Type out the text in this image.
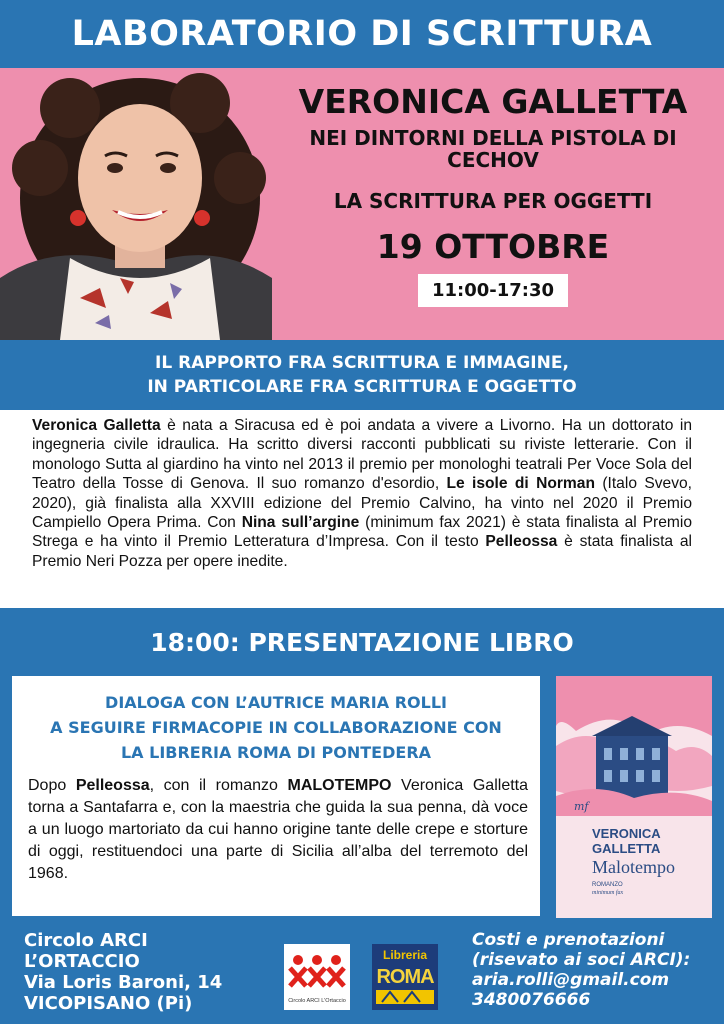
LABORATORIO DI SCRITTURA
VERONICA GALLETTA
NEI DINTORNI DELLA PISTOLA DI CECHOV
LA SCRITTURA PER OGGETTI
19 OTTOBRE
11:00-17:30
IL RAPPORTO FRA SCRITTURA E IMMAGINE,
IN PARTICOLARE FRA SCRITTURA E OGGETTO
Veronica Galletta è nata a Siracusa ed è poi andata a vivere a Livorno. Ha un dottorato in ingegneria civile idraulica. Ha scritto diversi racconti pubblicati su riviste letterarie. Con il monologo Sutta al giardino ha vinto nel 2013 il premio per monologhi teatrali Per Voce Sola del Teatro della Tosse di Genova. Il suo romanzo d'esordio, Le isole di Norman (Italo Svevo, 2020), già finalista alla XXVIII edizione del Premio Calvino, ha vinto nel 2020 il Premio Campiello Opera Prima. Con Nina sull’argine (minimum fax 2021) è stata finalista al Premio Strega e ha vinto il Premio Letteratura d’Impresa. Con il testo Pelleossa è stata finalista al Premio Neri Pozza per opere inedite.
18:00: PRESENTAZIONE LIBRO
DIALOGA CON L’AUTRICE MARIA ROLLI
A SEGUIRE FIRMACOPIE IN COLLABORAZIONE CON
LA LIBRERIA ROMA DI PONTEDERA
Dopo Pelleossa, con il romanzo MALOTEMPO Veronica Galletta torna a Santafarra e, con la maestria che guida la sua penna, dà voce a un luogo martoriato da cui hanno origine tante delle crepe e storture di oggi, restituendoci una parte di Sicilia all’alba del terremoto del 1968.
mf
VERONICA
GALLETTA
Malotempo
ROMANZO
minimum fax
Circolo ARCI
L’ORTACCIO
Via Loris Baroni, 14
VICOPISANO (Pi)	Circolo ARCI L'Ortaccio
Libreria
ROMA
Costi e prenotazioni
(risevato ai soci ARCI):
aria.rolli@gmail.com
3480076666
